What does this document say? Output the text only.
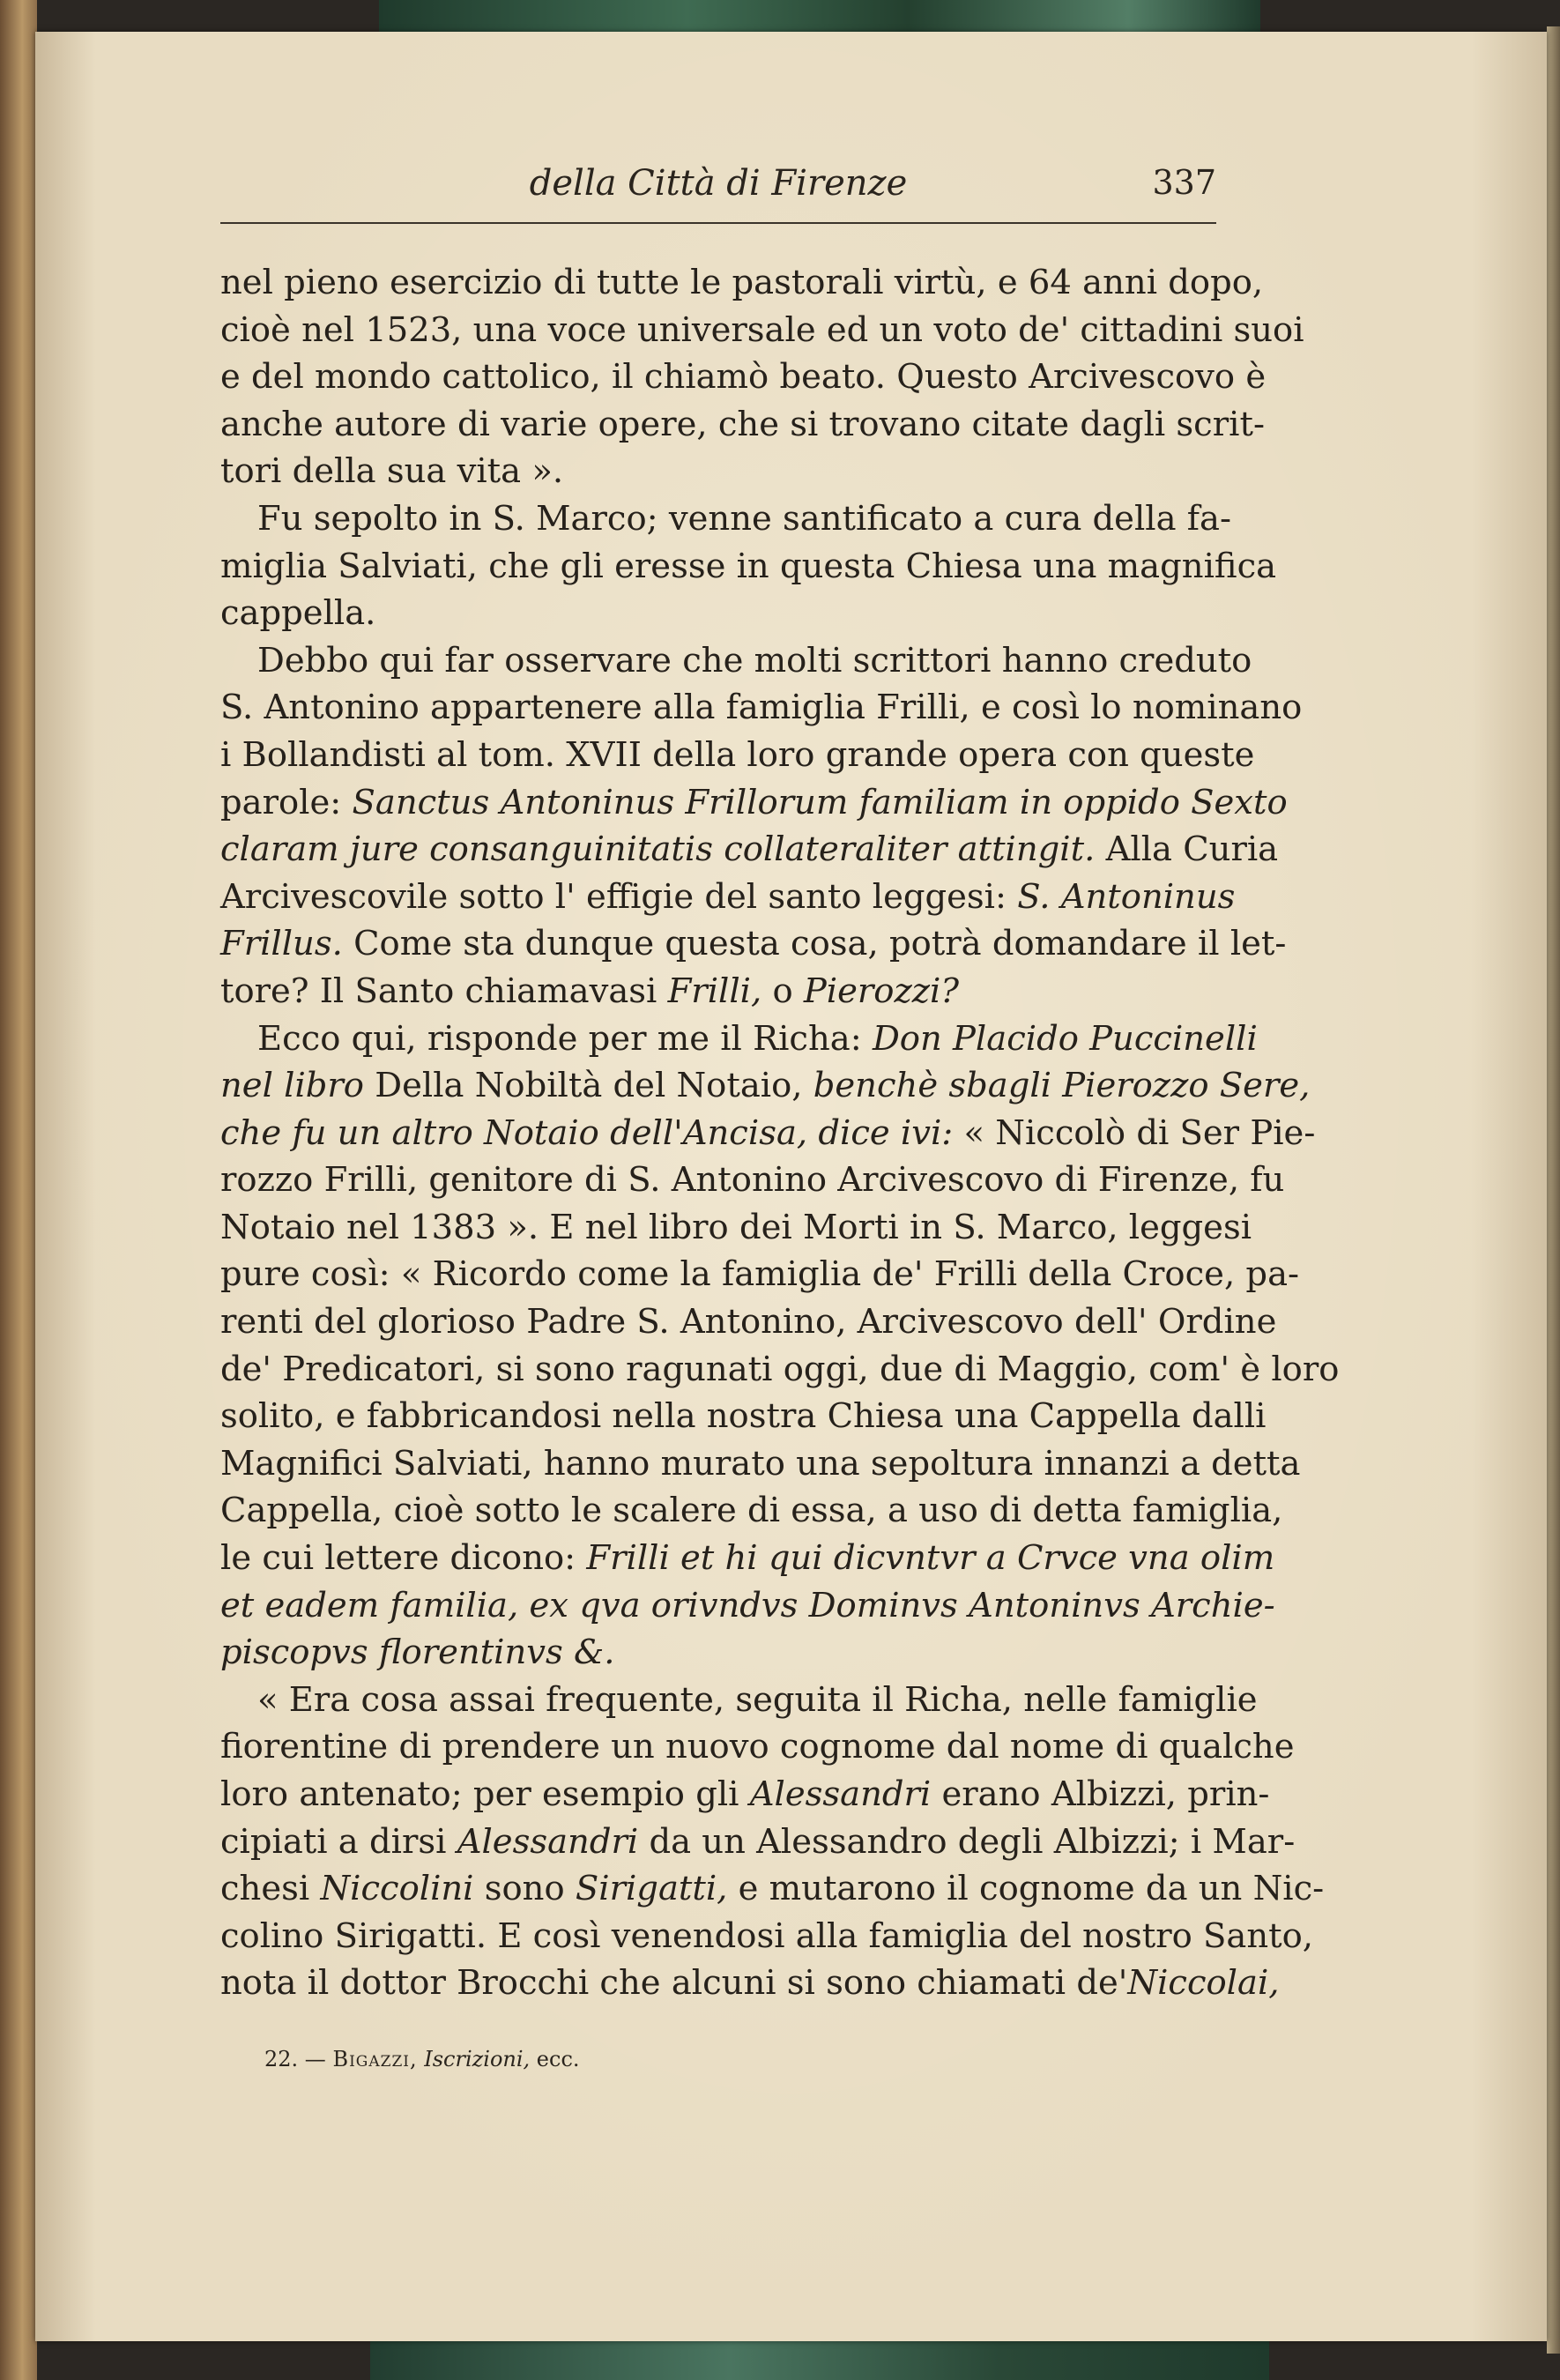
della Città di Firenze	337
nel pieno esercizio di tutte le pastorali virtù, e 64 anni dopo,
cioè nel 1523, una voce universale ed un voto de' cittadini suoi
e del mondo cattolico, il chiamò beato. Questo Arcivescovo è
anche autore di varie opere, che si trovano citate dagli scrit-
tori della sua vita ».
Fu sepolto in S. Marco; venne santificato a cura della fa-
miglia Salviati, che gli eresse in questa Chiesa una magnifica
cappella.
Debbo qui far osservare che molti scrittori hanno creduto
S. Antonino appartenere alla famiglia Frilli, e così lo nominano
i Bollandisti al tom. XVII della loro grande opera con queste
parole: Sanctus Antoninus Frillorum familiam in oppido Sexto
claram jure consanguinitatis collateraliter attingit. Alla Curia
Arcivescovile sotto l' effigie del santo leggesi: S. Antoninus
Frillus. Come sta dunque questa cosa, potrà domandare il let-
tore? Il Santo chiamavasi Frilli, o Pierozzi?
Ecco qui, risponde per me il Richa: Don Placido Puccinelli
nel libro Della Nobiltà del Notaio, benchè sbagli Pierozzo Sere,
che fu un altro Notaio dell'Ancisa, dice ivi: « Niccolò di Ser Pie-
rozzo Frilli, genitore di S. Antonino Arcivescovo di Firenze, fu
Notaio nel 1383 ». E nel libro dei Morti in S. Marco, leggesi
pure così: « Ricordo come la famiglia de' Frilli della Croce, pa-
renti del glorioso Padre S. Antonino, Arcivescovo dell' Ordine
de' Predicatori, si sono ragunati oggi, due di Maggio, com' è loro
solito, e fabbricandosi nella nostra Chiesa una Cappella dalli
Magnifici Salviati, hanno murato una sepoltura innanzi a detta
Cappella, cioè sotto le scalere di essa, a uso di detta famiglia,
le cui lettere dicono: Frilli et hi qui dicvntvr a Crvce vna olim
et eadem familia, ex qva orivndvs Dominvs Antoninvs Archie-
piscopvs florentinvs &.
« Era cosa assai frequente, seguita il Richa, nelle famiglie
fiorentine di prendere un nuovo cognome dal nome di qualche
loro antenato; per esempio gli Alessandri erano Albizzi, prin-
cipiati a dirsi Alessandri da un Alessandro degli Albizzi; i Mar-
chesi Niccolini sono Sirigatti, e mutarono il cognome da un Nic-
colino Sirigatti. E così venendosi alla famiglia del nostro Santo,
nota il dottor Brocchi che alcuni si sono chiamati de'Niccolai,
22. — Bigazzi, Iscrizioni, ecc.
